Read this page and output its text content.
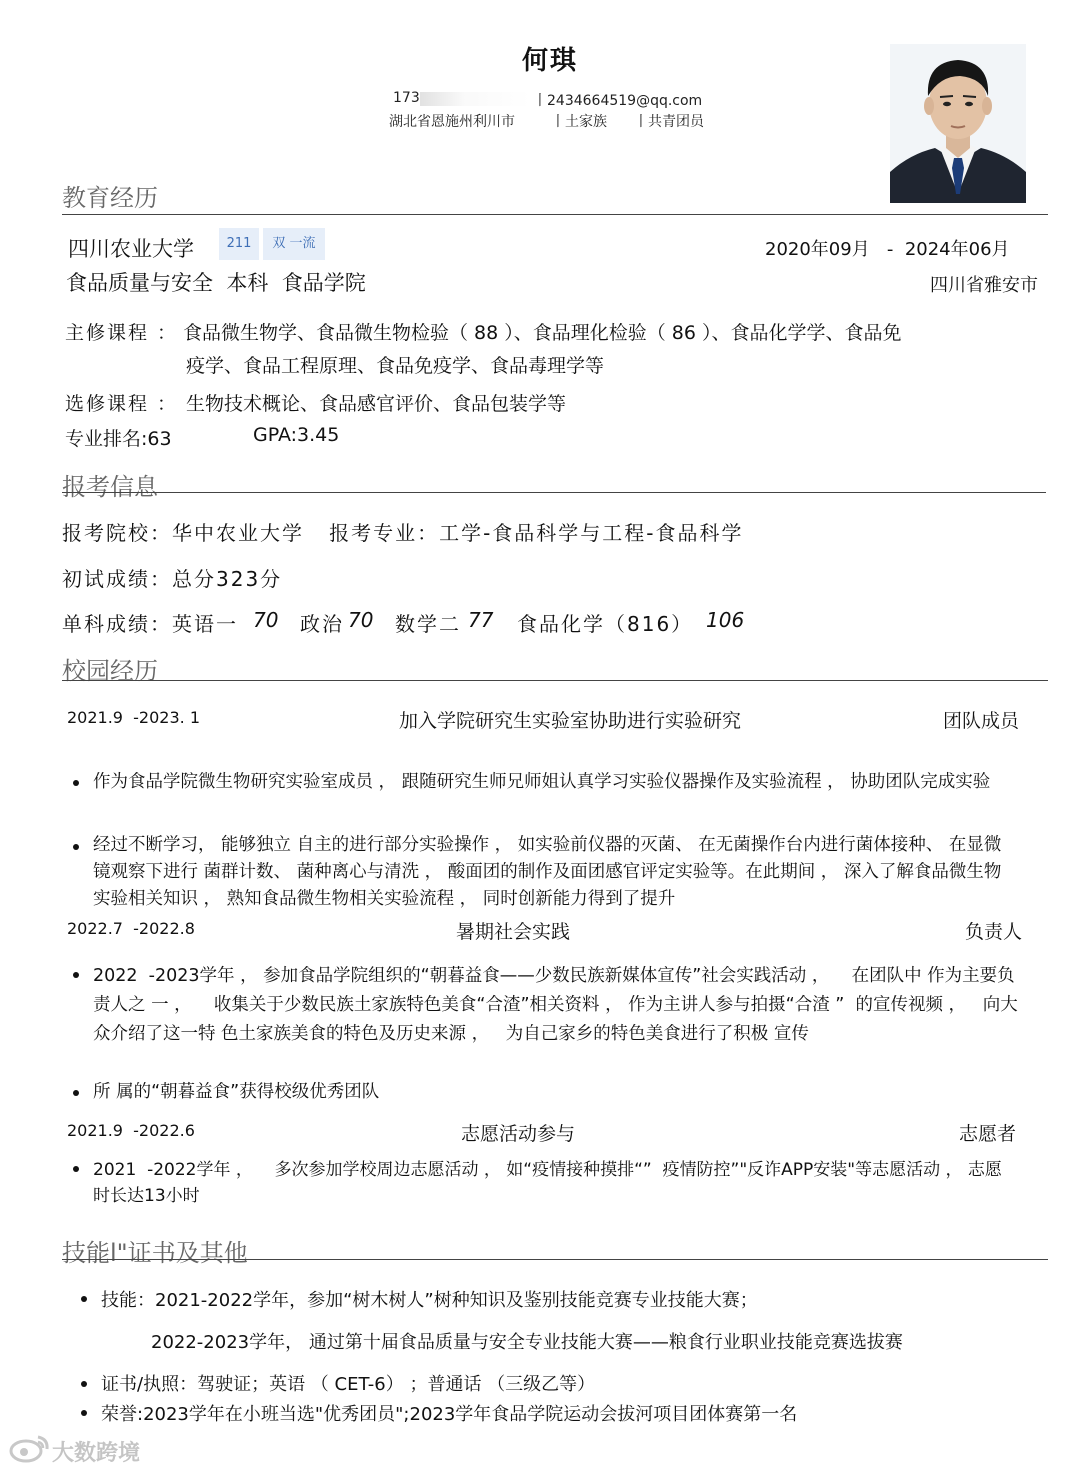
何琪
173	丨2434664519@qq.com
湖北省恩施州利川市	丨土家族 丨共青团员
教育经历
四川农业大学	211	双 一流	2020年09月   -  2024年06月
食品质量与安全  本科  食品学院	四川省雅安市
主修课程 ： 食品微生物学、食品微生物检验（ 88 ）、食品理化检验（ 86 ）、食品化学学、食品免
疫学、食品工程原理、食品免疫学、食品毒理学等
选修课程 ： 生物技术概论、食品感官评价、食品包装学等
专业排名:63	GPA:3.45
报考信息
报考院校：华中农业大学   报考专业：工学-食品科学与工程-食品科学
初试成绩：总分323分
单科成绩：英语一 70 政治 70 数学二 77 食品化学（816） 106
校园经历
2021.9  -2023. 1	加入学院研究生实验室协助进行实验研究	团队成员
作为食品学院微生物研究实验室成员 ， 跟随研究生师兄师姐认真学习实验仪器操作及实验流程 ， 协助团队完成实验
经过不断学习， 能够独立 自主的进行部分实验操作 ， 如实验前仪器的灭菌、 在无菌操作台内进行菌体接种、 在显微镜观察下进行 菌群计数、 菌种离心与清洗 ， 酸面团的制作及面团感官评定实验等。在此期间 ， 深入了解食品微生物实验相关知识 ， 熟知食品微生物相关实验流程 ， 同时创新能力得到了提升
2022.7  -2022.8	暑期社会实践	负责人
2022  -2023学年 ， 参加食品学院组织的“朝暮益食——少数民族新媒体宣传”社会实践活动 ，    在团队中 作为主要负责人之 一 ，    收集关于少数民族土家族特色美食“合渣”相关资料 ， 作为主讲人参与拍摄“合渣 ”  的宣传视频 ，   向大众介绍了这一特 色土家族美食的特色及历史来源 ，   为自己家乡的特色美食进行了积极 宣传
所 属的“朝暮益食”获得校级优秀团队
2021.9  -2022.6	志愿活动参与	志愿者
2021  -2022学年 ，    多次参加学校周边志愿活动 ， 如“疫情接种摸排“”  疫情防控”"反诈APP安装"等志愿活动 ， 志愿时长达13小时
技能l"证书及其他
技能：2021-2022学年，参加“树木树人”树种知识及鉴别技能竞赛专业技能大赛；
2022-2023学年， 通过第十届食品质量与安全专业技能大赛——粮食行业职业技能竞赛选拔赛
证书/执照：驾驶证；英语 （ CET-6） ；普通话 （三级乙等）
荣誉:2023学年在小班当选"优秀团员";2023学年食品学院运动会拔河项目团体赛第一名
大数跨境
